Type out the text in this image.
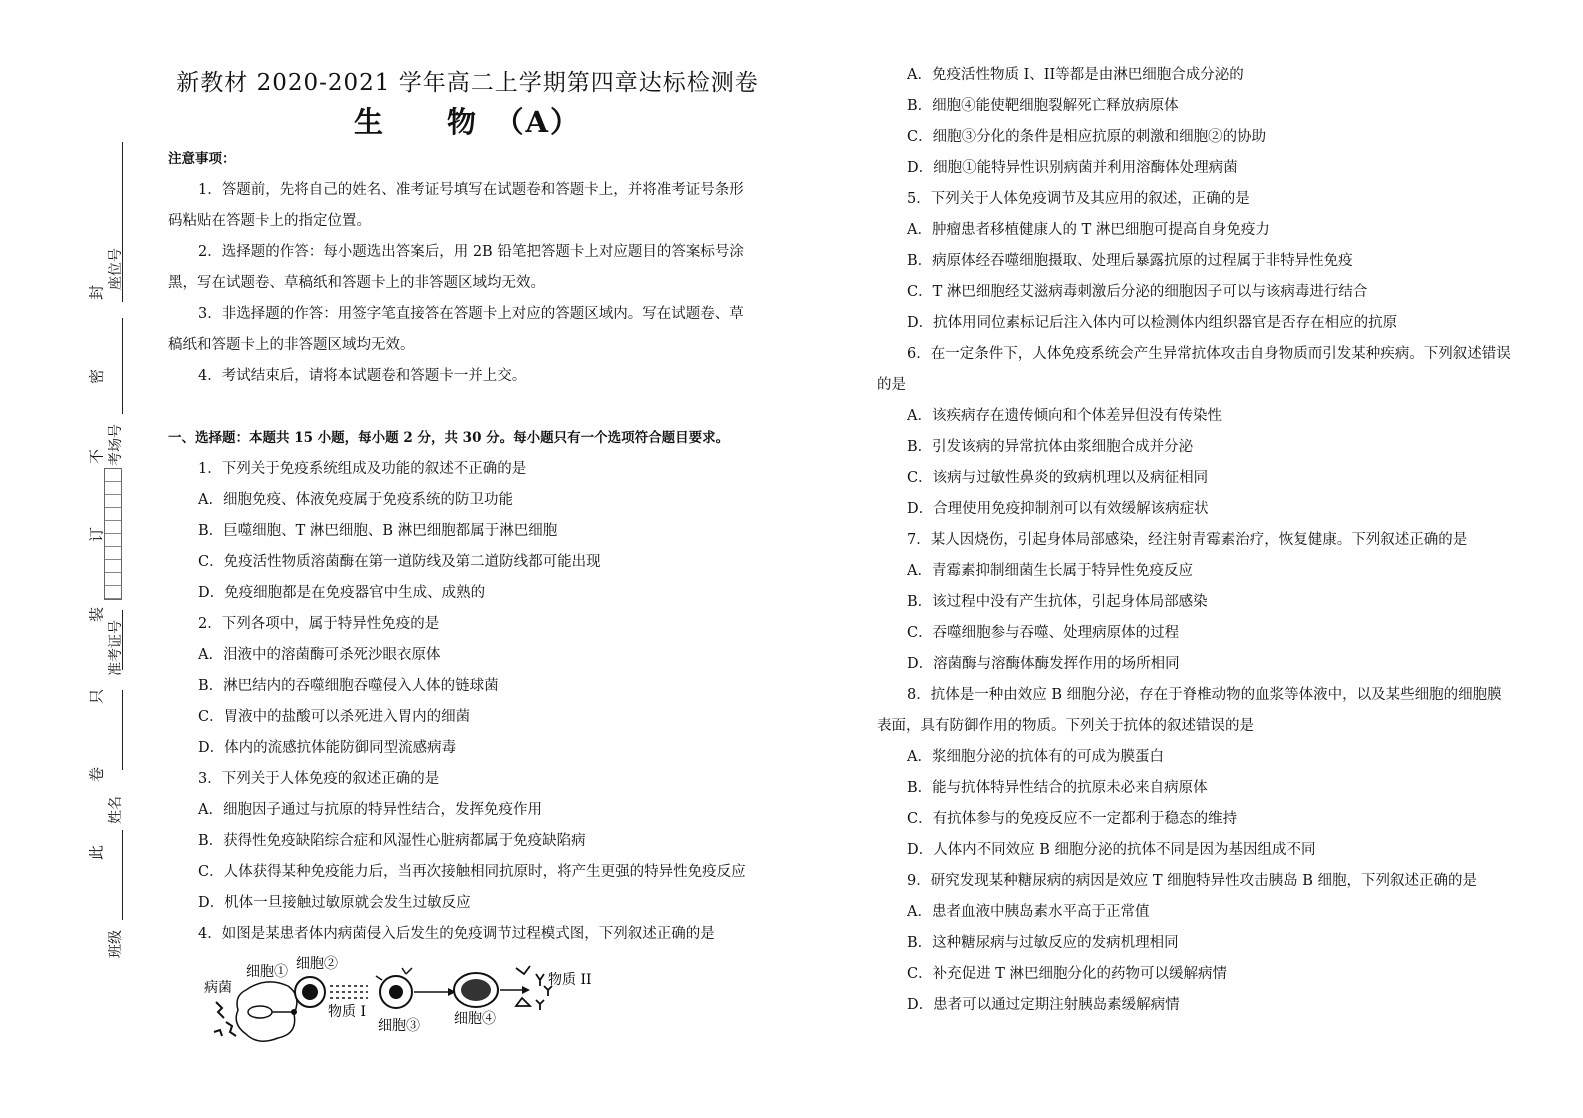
封
密
不
订
装
只
卷
此
座位号
考场号
准考证号
姓名
班级
新教材 2020-2021 学年高二上学期第四章达标检测卷
生　　物　（A）

注意事项：

1．答题前，先将自己的姓名、准考证号填写在试题卷和答题卡上，并将准考证号条形

码粘贴在答题卡上的指定位置。

2．选择题的作答：每小题选出答案后，用 2B 铅笔把答题卡上对应题目的答案标号涂

黑，写在试题卷、草稿纸和答题卡上的非答题区域均无效。

3．非选择题的作答：用签字笔直接答在答题卡上对应的答题区域内。写在试题卷、草

稿纸和答题卡上的非答题区域均无效。

4．考试结束后，请将本试题卷和答题卡一并上交。

一、选择题：本题共 15 小题，每小题 2 分，共 30 分。每小题只有一个选项符合题目要求。

1．下列关于免疫系统组成及功能的叙述不正确的是

A．细胞免疫、体液免疫属于免疫系统的防卫功能

B．巨噬细胞、T 淋巴细胞、B 淋巴细胞都属于淋巴细胞

C．免疫活性物质溶菌酶在第一道防线及第二道防线都可能出现

D．免疫细胞都是在免疫器官中生成、成熟的

2．下列各项中，属于特异性免疫的是

A．泪液中的溶菌酶可杀死沙眼衣原体

B．淋巴结内的吞噬细胞吞噬侵入人体的链球菌

C．胃液中的盐酸可以杀死进入胃内的细菌

D．体内的流感抗体能防御同型流感病毒

3．下列关于人体免疫的叙述正确的是

A．细胞因子通过与抗原的特异性结合，发挥免疫作用

B．获得性免疫缺陷综合症和风湿性心脏病都属于免疫缺陷病

C．人体获得某种免疫能力后，当再次接触相同抗原时，将产生更强的特异性免疫反应

D．机体一旦接触过敏原就会发生过敏反应

4．如图是某患者体内病菌侵入后发生的免疫调节过程模式图，下列叙述正确的是

病菌
细胞① 细胞②
物质 I
细胞③ 细胞④
物质 II

A．免疫活性物质 I、II等都是由淋巴细胞合成分泌的

B．细胞④能使靶细胞裂解死亡释放病原体

C．细胞③分化的条件是相应抗原的刺激和细胞②的协助

D．细胞①能特异性识别病菌并利用溶酶体处理病菌

5．下列关于人体免疫调节及其应用的叙述，正确的是

A．肿瘤患者移植健康人的 T 淋巴细胞可提高自身免疫力

B．病原体经吞噬细胞摄取、处理后暴露抗原的过程属于非特异性免疫

C．T 淋巴细胞经艾滋病毒刺激后分泌的细胞因子可以与该病毒进行结合

D．抗体用同位素标记后注入体内可以检测体内组织器官是否存在相应的抗原

6．在一定条件下，人体免疫系统会产生异常抗体攻击自身物质而引发某种疾病。下列叙述错误

的是

A．该疾病存在遗传倾向和个体差异但没有传染性

B．引发该病的异常抗体由浆细胞合成并分泌

C．该病与过敏性鼻炎的致病机理以及病征相同

D．合理使用免疫抑制剂可以有效缓解该病症状

7．某人因烧伤，引起身体局部感染，经注射青霉素治疗，恢复健康。下列叙述正确的是

A．青霉素抑制细菌生长属于特异性免疫反应

B．该过程中没有产生抗体，引起身体局部感染

C．吞噬细胞参与吞噬、处理病原体的过程

D．溶菌酶与溶酶体酶发挥作用的场所相同

8．抗体是一种由效应 B 细胞分泌，存在于脊椎动物的血浆等体液中，以及某些细胞的细胞膜

表面，具有防御作用的物质。下列关于抗体的叙述错误的是

A．浆细胞分泌的抗体有的可成为膜蛋白

B．能与抗体特异性结合的抗原未必来自病原体

C．有抗体参与的免疫反应不一定都利于稳态的维持

D．人体内不同效应 B 细胞分泌的抗体不同是因为基因组成不同

9．研究发现某种糖尿病的病因是效应 T 细胞特异性攻击胰岛 B 细胞，下列叙述正确的是

A．患者血液中胰岛素水平高于正常值

B．这种糖尿病与过敏反应的发病机理相同

C．补充促进 T 淋巴细胞分化的药物可以缓解病情

D．患者可以通过定期注射胰岛素缓解病情
